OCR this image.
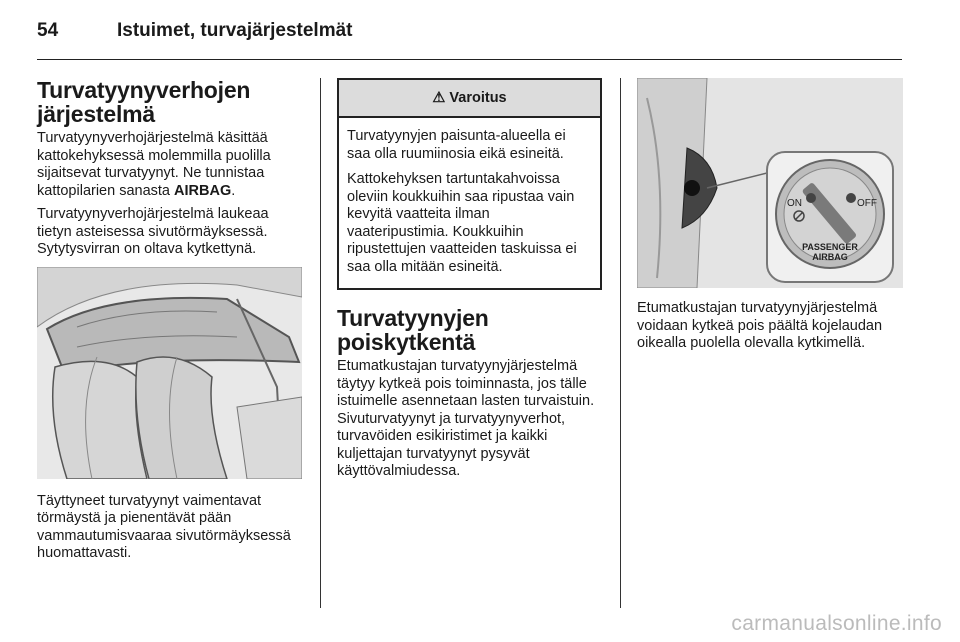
54	Istuimet, turvajärjestelmät
Turvatyynyverhojen järjestelmä

Turvatyynyverhojärjestelmä käsittää kattokehyksessä molemmilla puolilla sijaitsevat turvatyynyt. Ne tunnistaa kattopilarien sanasta AIRBAG.

Turvatyynyverhojärjestelmä laukeaa tietyn asteisessa sivutörmäyksessä. Sytytysvirran on oltava kytkettynä.

Täyttyneet turvatyynyt vaimentavat törmäystä ja pienentävät pään vammautumisvaaraa sivutörmäyksessä huomattavasti.

⚠ Varoitus

Turvatyynyjen paisunta-alueella ei saa olla ruumiinosia eikä esineitä.

Kattokehyksen tartuntakahvoissa oleviin koukkuihin saa ripustaa vain kevyitä vaatteita ilman vaateripustimia. Koukkuihin ripustettujen vaatteiden taskuissa ei saa olla mitään esineitä.

Turvatyynyjen poiskytkentä

Etumatkustajan turvatyynyjärjestelmä täytyy kytkeä pois toiminnasta, jos tälle istuimelle asennetaan lasten turvaistuin. Sivuturvatyynyt ja turvatyynyverhot, turvavöiden esikiristimet ja kaikki kuljettajan turvatyynyt pysyvät käyttövalmiudessa.

ON	OFF
PASSENGER
AIRBAG

Etumatkustajan turvatyynyjärjestelmä voidaan kytkeä pois päältä kojelaudan oikealla puolella olevalla kytkimellä.

carmanualsonline.info
